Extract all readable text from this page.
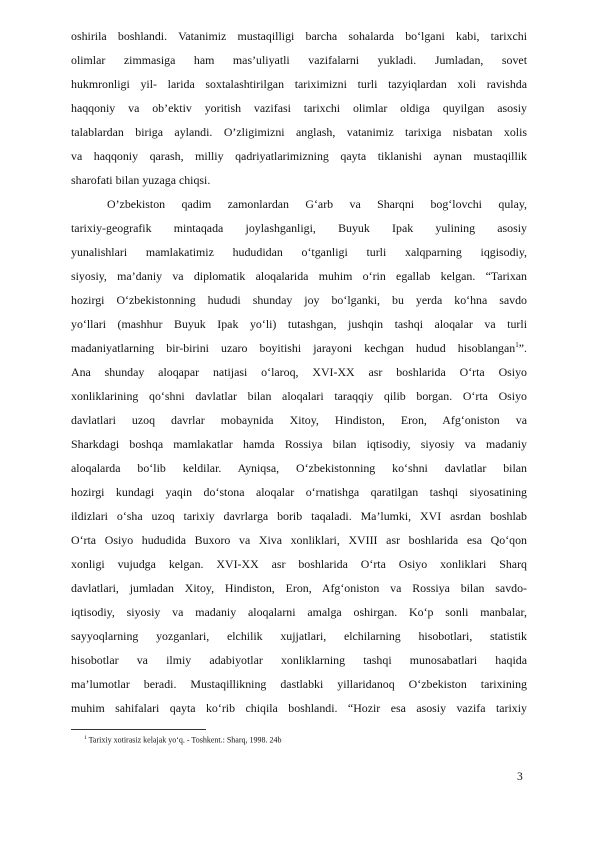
oshirila boshlandi. Vatanimiz mustaqilligi barcha sohalarda bo‘lgani kabi, tarixchi
olimlar zimmasiga ham mas’uliyatli vazifalarni yukladi. Jumladan, sovet
hukmronligi yil- larida soxtalashtirilgan tariximizni turli tazyiqlardan xoli ravishda
haqqoniy va ob’ektiv yoritish vazifasi tarixchi olimlar oldiga quyilgan asosiy
talablardan biriga aylandi. O’zligimizni anglash, vatanimiz tarixiga nisbatan xolis
va haqqoniy qarash, milliy qadriyatlarimizning qayta tiklanishi aynan mustaqillik
sharofati bilan yuzaga chiqsi.
O’zbekiston qadim zamonlardan G‘arb va Sharqni bog‘lovchi qulay,
tarixiy-geografik mintaqada joylashganligi, Buyuk Ipak yulining asosiy
yunalishlari mamlakatimiz hududidan o‘tganligi turli xalqparning iqgisodiy,
siyosiy, ma’daniy va diplomatik aloqalarida muhim o‘rin egallab kelgan. “Tarixan
hozirgi O‘zbekistonning hududi shunday joy bo‘lganki, bu yerda ko‘hna savdo
yo‘llari (mashhur Buyuk Ipak yo‘li) tutashgan, jushqin tashqi aloqalar va turli
madaniyatlarning bir-birini uzaro boyitishi jarayoni kechgan hudud hisoblangan$^1$”.
Ana shunday aloqapar natijasi o‘laroq, XVI-XX asr boshlarida O‘rta Osiyo
xonliklarining qo‘shni davlatlar bilan aloqalari taraqqiy qilib borgan. O‘rta Osiyo
davlatlari uzoq davrlar mobaynida Xitoy, Hindiston, Eron, Afg‘oniston va
Sharkdagi boshqa mamlakatlar hamda Rossiya bilan iqtisodiy, siyosiy va madaniy
aloqalarda bo‘lib keldilar. Ayniqsa, O‘zbekistonning ko‘shni davlatlar bilan
hozirgi kundagi yaqin do‘stona aloqalar o‘rnatishga qaratilgan tashqi siyosatining
ildizlari o‘sha uzoq tarixiy davrlarga borib taqaladi. Ma’lumki, XVI asrdan boshlab
O‘rta Osiyo hududida Buxoro va Xiva xonliklari, XVIII asr boshlarida esa Qo‘qon
xonligi vujudga kelgan. XVI-XX asr boshlarida O‘rta Osiyo xonliklari Sharq
davlatlari, jumladan Xitoy, Hindiston, Eron, Afg‘oniston va Rossiya bilan savdo-
iqtisodiy, siyosiy va madaniy aloqalarni amalga oshirgan. Ko‘p sonli manbalar,
sayyoqlarning yozganlari, elchilik xujjatlari, elchilarning hisobotlari, statistik
hisobotlar va ilmiy adabiyotlar xonliklarning tashqi munosabatlari haqida
ma’lumotlar beradi. Mustaqillikning dastlabki yillaridanoq O‘zbekiston tarixining
muhim sahifalari qayta ko‘rib chiqila boshlandi. “Hozir esa asosiy vazifa tarixiy
$^1$ Tarixiy xotirasiz kelajak yo‘q. - Toshkent.: Sharq, 1998. 24b
3
